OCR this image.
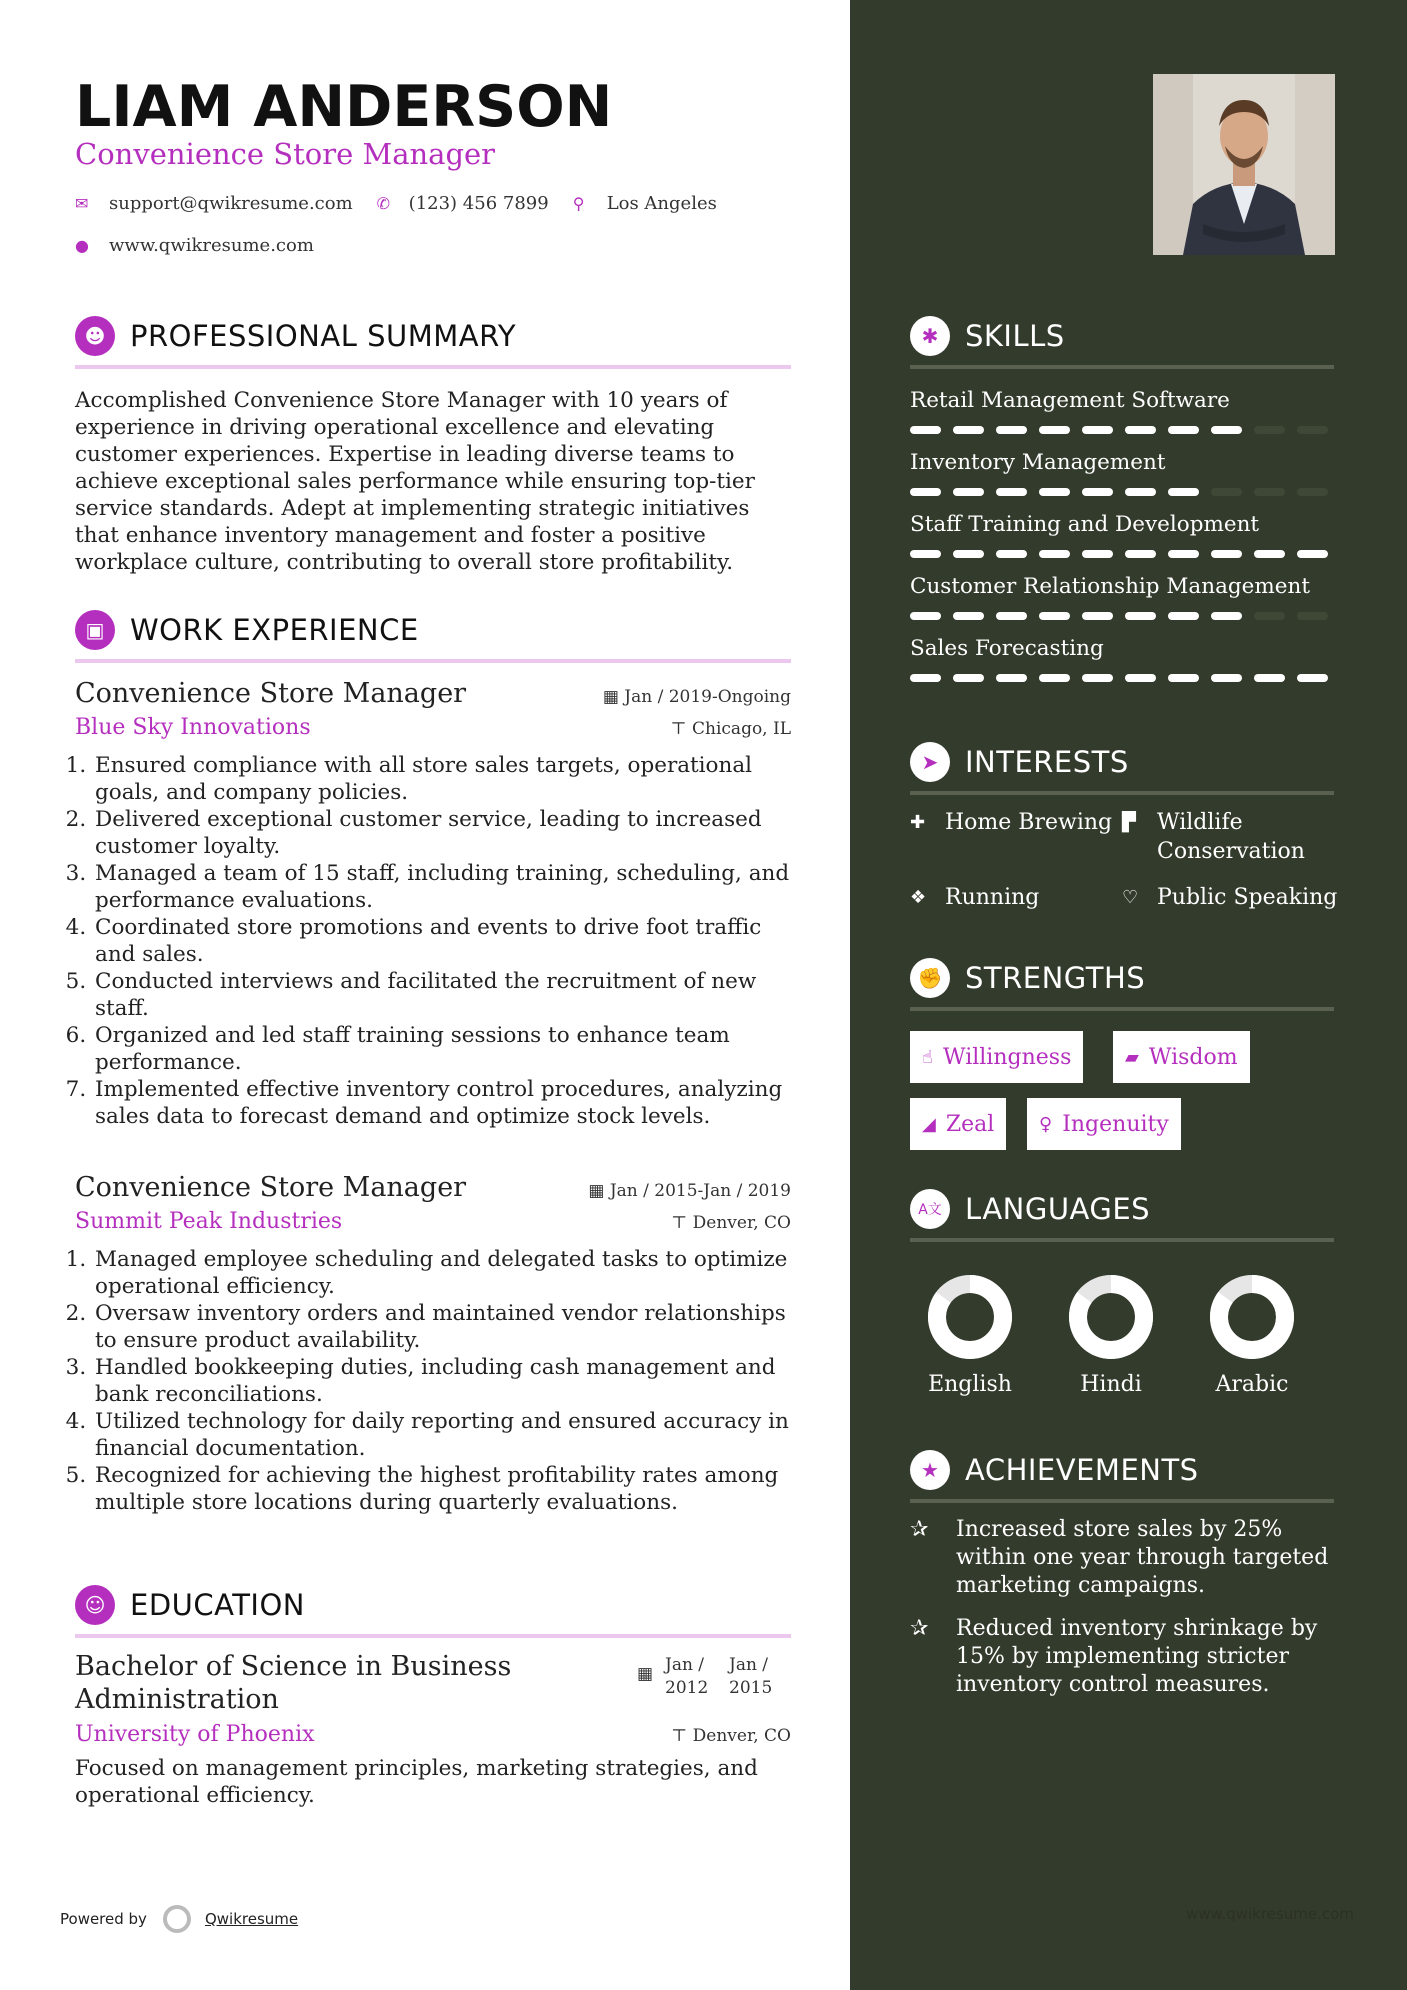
LIAM ANDERSON
Convenience Store Manager
✉	support@qwikresume.com ✆	(123) 456 7899 ⚲	Los Angeles
●	www.qwikresume.com
☻ PROFESSIONAL SUMMARY

Accomplished Convenience Store Manager with 10 years of experience in driving operational excellence and elevating customer experiences. Expertise in leading diverse teams to achieve exceptional sales performance while ensuring top-tier service standards. Adept at implementing strategic initiatives that enhance inventory management and foster a positive workplace culture, contributing to overall store profitability.

▣ WORK EXPERIENCE
Convenience Store Manager	▦ Jan / 2019-Ongoing
Blue Sky Innovations	⊤ Chicago, IL
1. Ensured compliance with all store sales targets, operational goals, and company policies.
2. Delivered exceptional customer service, leading to increased customer loyalty.
3. Managed a team of 15 staff, including training, scheduling, and performance evaluations.
4. Coordinated store promotions and events to drive foot traffic and sales.
5. Conducted interviews and facilitated the recruitment of new staff.
6. Organized and led staff training sessions to enhance team performance.
7. Implemented effective inventory control procedures, analyzing sales data to forecast demand and optimize stock levels.
Convenience Store Manager	▦ Jan / 2015-Jan / 2019
Summit Peak Industries	⊤ Denver, CO
1. Managed employee scheduling and delegated tasks to optimize operational efficiency.
2. Oversaw inventory orders and maintained vendor relationships to ensure product availability.
3. Handled bookkeeping duties, including cash management and bank reconciliations.
4. Utilized technology for daily reporting and ensured accuracy in financial documentation.
5. Recognized for achieving the highest profitability rates among multiple store locations during quarterly evaluations.
☺ EDUCATION
Bachelor of Science in Business Administration
▦ Jan / 2012
Jan / 2015
University of Phoenix	⊤ Denver, CO

Focused on management principles, marketing strategies, and operational efficiency.

Powered by	Qwikresume	www.qwikresume.com
✱ SKILLS
Retail Management Software
Inventory Management
Staff Training and Development
Customer Relationship Management
Sales Forecasting
➤ INTERESTS
✚ Home Brewing ▛ Wildlife Conservation
❖ Running	♡ Public Speaking
✊ STRENGTHS
☝ Willingness	▰ Wisdom
◢ Zeal ♀ Ingenuity
A文 LANGUAGES
English	Hindi	Arabic
★ ACHIEVEMENTS
✰	Increased store sales by 25% within one year through targeted marketing campaigns.
✰	Reduced inventory shrinkage by 15% by implementing stricter inventory control measures.
